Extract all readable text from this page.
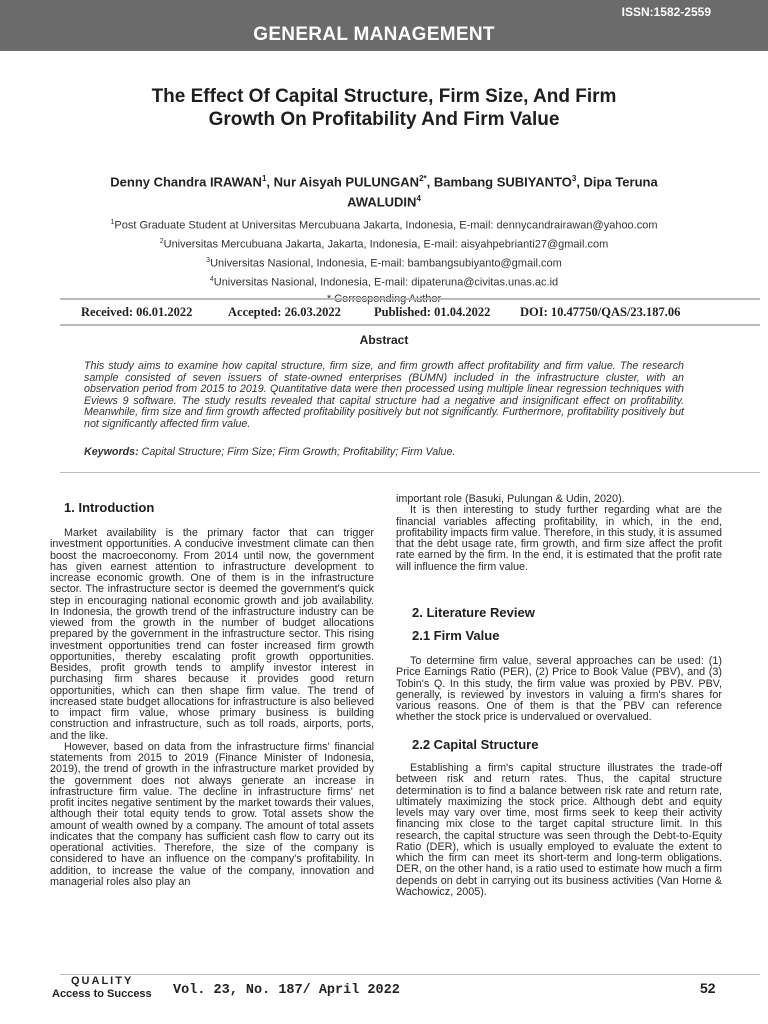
ISSN:1582-2559
GENERAL MANAGEMENT
The Effect Of Capital Structure, Firm Size, And Firm Growth On Profitability And Firm Value
Denny Chandra IRAWAN$^1$, Nur Aisyah $PULUNGAN^{2*}$, Bambang SUBIYANTO$^3$, Dipa Teruna AWALUDIN$^4$
$^1$Post Graduate Student at Universitas Mercubuana Jakarta, Indonesia, E-mail: dennycandrairawan@yahoo.com
$^2$Universitas Mercubuana Jakarta, Jakarta, Indonesia, E-mail: aisyahpebrianti27@gmail.com
$^3$Universitas Nasional, Indonesia, E-mail: bambangsubiyanto@gmail.com
$^4$Universitas Nasional, Indonesia, E-mail: dipateruna@civitas.unas.ac.id
* Corresponding Author
Received: 06.01.2022	Accepted: 26.03.2022	Published: 01.04.2022 DOI: 10.47750/QAS/23.187.06
Abstract
This study aims to examine how capital structure, firm size, and firm growth affect profitability and firm value. The research sample consisted of seven issuers of state-owned enterprises (BUMN) included in the infrastructure cluster, with an observation period from 2015 to 2019. Quantitative data were then processed using multiple linear regression techniques with Eviews 9 software. The study results revealed that capital structure had a negative and insignificant effect on profitability. Meanwhile, firm size and firm growth affected profitability positively but not significantly. Furthermore, profitability positively but not significantly affected firm value.
Keywords: Capital Structure; Firm Size; Firm Growth; Profitability; Firm Value.
1. Introduction

Market availability is the primary factor that can trigger investment opportunities. A conducive investment climate can then boost the macroeconomy. From 2014 until now, the government has given earnest attention to infrastructure development to increase economic growth. One of them is in the infrastructure sector. The infrastructure sector is deemed the government's quick step in encouraging national economic growth and job availability. In Indonesia, the growth trend of the infrastructure industry can be viewed from the growth in the number of budget allocations prepared by the government in the infrastructure sector. This rising investment opportunities trend can foster increased firm growth opportunities, thereby escalating profit growth opportunities. Besides, profit growth tends to amplify investor interest in purchasing firm shares because it provides good return opportunities, which can then shape firm value. The trend of increased state budget allocations for infrastructure is also believed to impact firm value, whose primary business is building construction and infrastructure, such as toll roads, airports, ports, and the like.

However, based on data from the infrastructure firms' financial statements from 2015 to 2019 (Finance Minister of Indonesia, 2019), the trend of growth in the infrastructure market provided by the government does not always generate an increase in infrastructure firm value. The decline in infrastructure firms' net profit incites negative sentiment by the market towards their values, although their total equity tends to grow. Total assets show the amount of wealth owned by a company. The amount of total assets indicates that the company has sufficient cash flow to carry out its operational activities. Therefore, the size of the company is considered to have an influence on the company's profitability. In addition, to increase the value of the company, innovation and managerial roles also play an

important role (Basuki, Pulungan & Udin, 2020).

It is then interesting to study further regarding what are the financial variables affecting profitability, in which, in the end, profitability impacts firm value. Therefore, in this study, it is assumed that the debt usage rate, firm growth, and firm size affect the profit rate earned by the firm. In the end, it is estimated that the profit rate will influence the firm value.

2. Literature Review
2.1 Firm Value

To determine firm value, several approaches can be used: (1) Price Earnings Ratio (PER), (2) Price to Book Value (PBV), and (3) Tobin's Q. In this study, the firm value was proxied by PBV. PBV, generally, is reviewed by investors in valuing a firm's shares for various reasons. One of them is that the PBV can reference whether the stock price is undervalued or overvalued.

2.2 Capital Structure

Establishing a firm's capital structure illustrates the trade-off between risk and return rates. Thus, the capital structure determination is to find a balance between risk rate and return rate, ultimately maximizing the stock price. Although debt and equity levels may vary over time, most firms seek to keep their activity financing mix close to the target capital structure limit. In this research, the capital structure was seen through the Debt-to-Equity Ratio (DER), which is usually employed to evaluate the extent to which the firm can meet its short-term and long-term obligations. DER, on the other hand, is a ratio used to estimate how much a firm depends on debt in carrying out its business activities (Van Horne & Wachowicz, 2005).

QUALITY
Access to Success Vol. 23, No. 187/ April 2022	52
